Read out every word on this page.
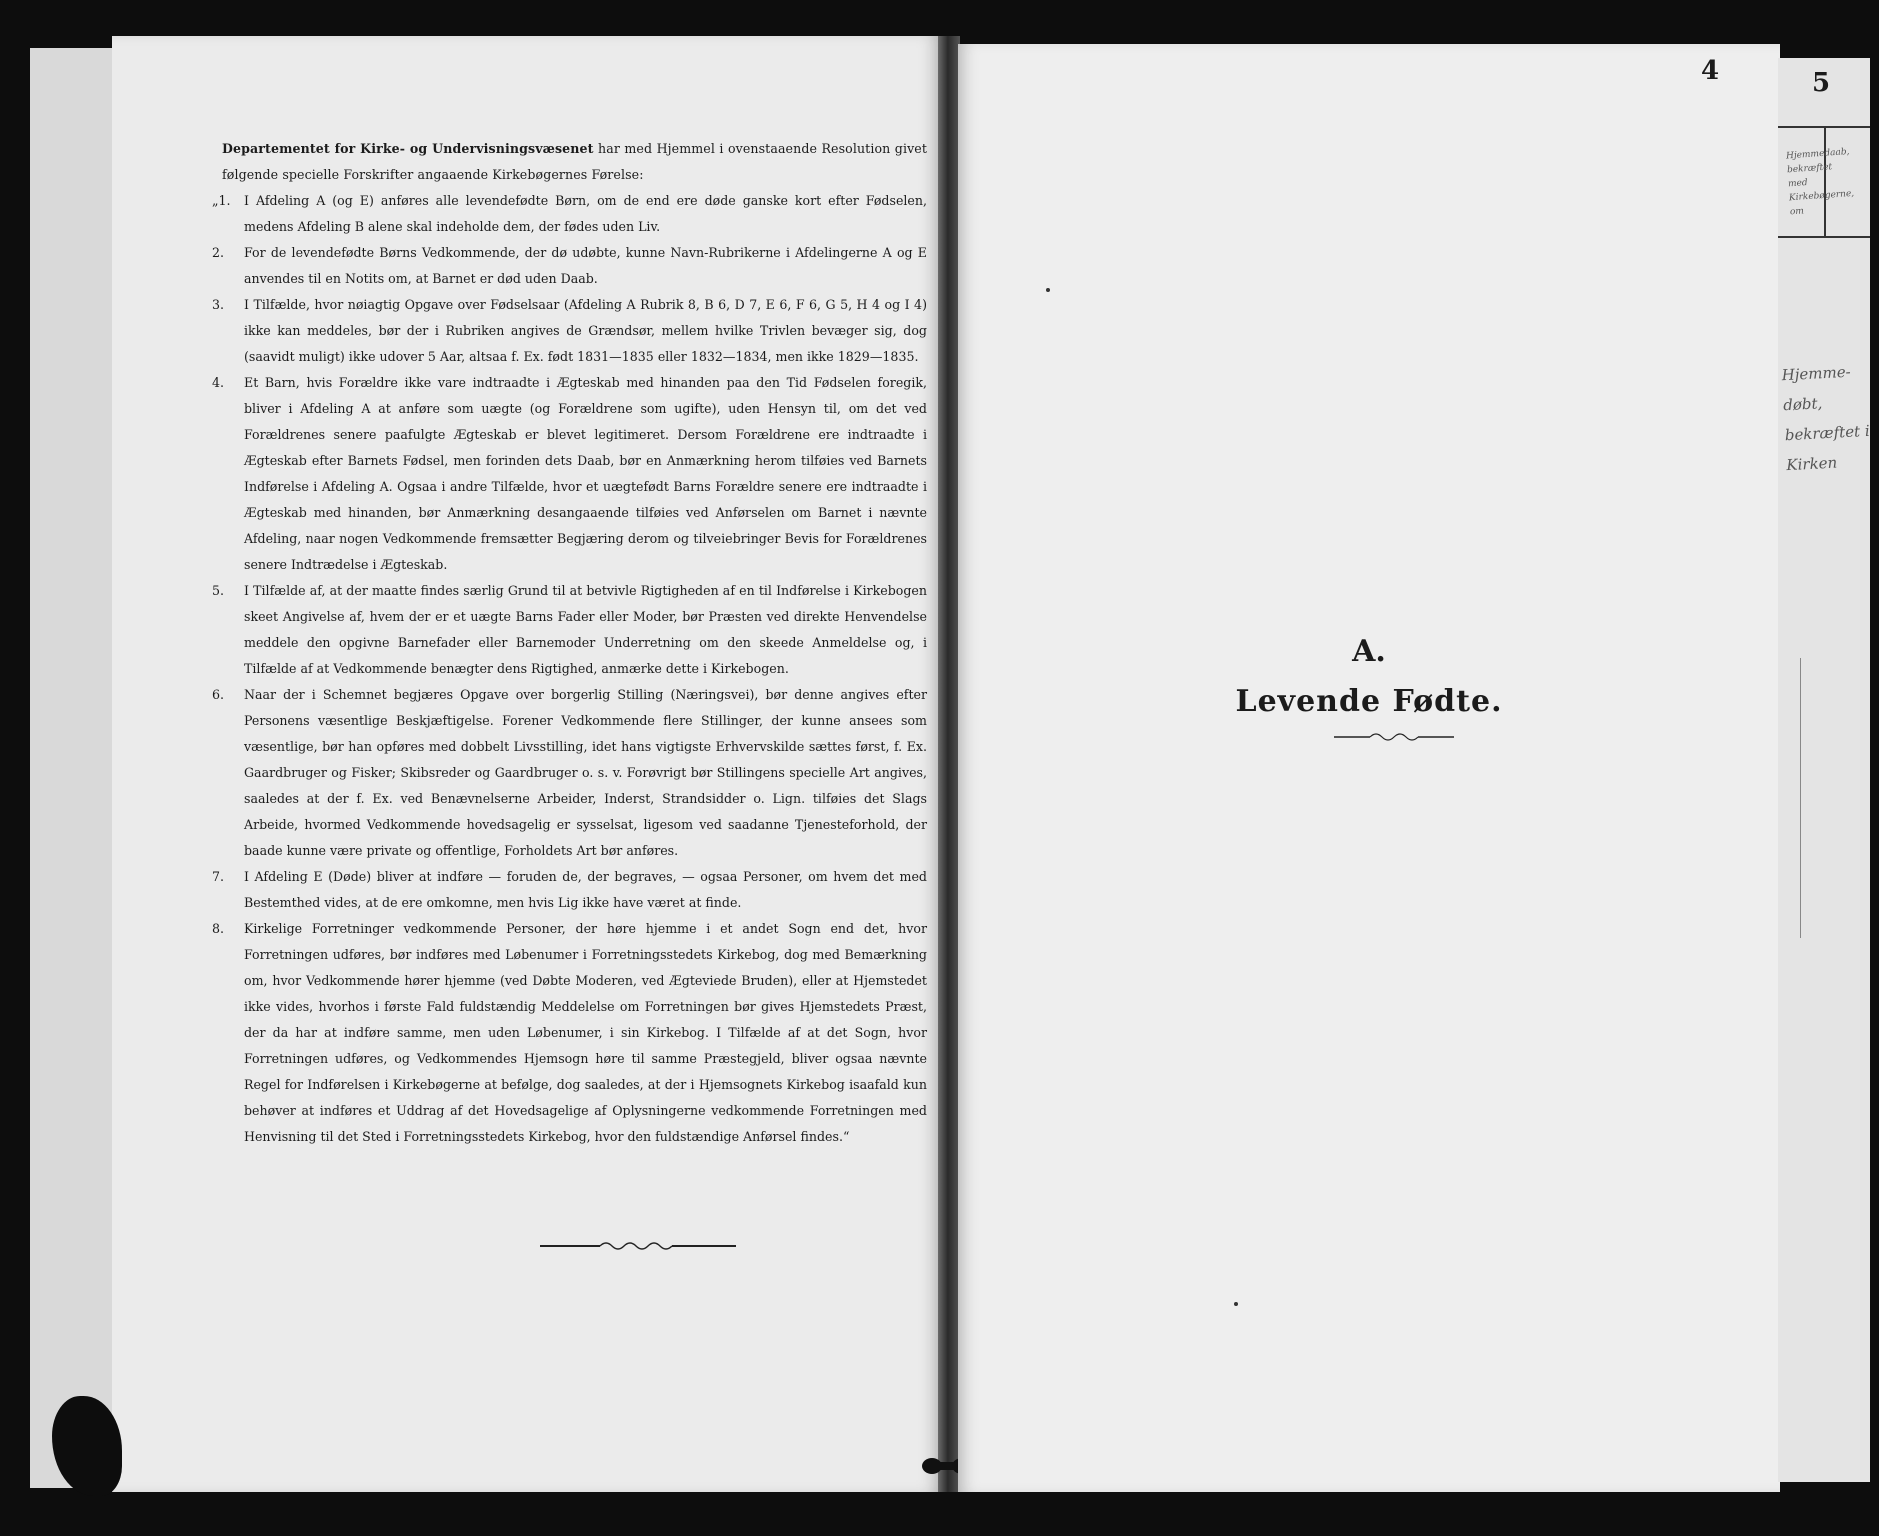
Departementet for Kirke- og Undervisningsvæsenet har med Hjemmel i ovenstaaende Resolution givet følgende specielle Forskrifter angaaende Kirkebøgernes Førelse:

„1. I Afdeling A (og E) anføres alle levendefødte Børn, om de end ere døde ganske kort efter Fødselen, medens Afdeling B alene skal indeholde dem, der fødes uden Liv.
2. For de levendefødte Børns Vedkommende, der dø udøbte, kunne Navn-Rubrikerne i Afdelingerne A og E anvendes til en Notits om, at Barnet er død uden Daab.
3. I Tilfælde, hvor nøiagtig Opgave over Fødselsaar (Afdeling A Rubrik 8, B 6, D 7, E 6, F 6, G 5, H 4 og I 4) ikke kan meddeles, bør der i Rubriken angives de Grændsør, mellem hvilke Trivlen bevæger sig, dog (saavidt muligt) ikke udover 5 Aar, altsaa f. Ex. født 1831—1835 eller 1832—1834, men ikke 1829—1835.
4. Et Barn, hvis Forældre ikke vare indtraadte i Ægteskab med hinanden paa den Tid Fødselen foregik, bliver i Afdeling A at anføre som uægte (og Forældrene som ugifte), uden Hensyn til, om det ved Forældrenes senere paafulgte Ægteskab er blevet legitimeret. Dersom Forældrene ere indtraadte i Ægteskab efter Barnets Fødsel, men forinden dets Daab, bør en Anmærkning herom tilføies ved Barnets Indførelse i Afdeling A. Ogsaa i andre Tilfælde, hvor et uægtefødt Barns Forældre senere ere indtraadte i Ægteskab med hinanden, bør Anmærkning desangaaende tilføies ved Anførselen om Barnet i nævnte Afdeling, naar nogen Vedkommende fremsætter Begjæring derom og tilveiebringer Bevis for Forældrenes senere Indtrædelse i Ægteskab.
5. I Tilfælde af, at der maatte findes særlig Grund til at betvivle Rigtigheden af en til Indførelse i Kirkebogen skeet Angivelse af, hvem der er et uægte Barns Fader eller Moder, bør Præsten ved direkte Henvendelse meddele den opgivne Barnefader eller Barnemoder Underretning om den skeede Anmeldelse og, i Tilfælde af at Vedkommende benægter dens Rigtighed, anmærke dette i Kirkebogen.
6. Naar der i Schemnet begjæres Opgave over borgerlig Stilling (Næringsvei), bør denne angives efter Personens væsentlige Beskjæftigelse. Forener Vedkommende flere Stillinger, der kunne ansees som væsentlige, bør han opføres med dobbelt Livsstilling, idet hans vigtigste Erhvervskilde sættes først, f. Ex. Gaardbruger og Fisker; Skibsreder og Gaardbruger o. s. v. Forøvrigt bør Stillingens specielle Art angives, saaledes at der f. Ex. ved Benævnelserne Arbeider, Inderst, Strandsidder o. Lign. tilføies det Slags Arbeide, hvormed Vedkommende hovedsagelig er sysselsat, ligesom ved saadanne Tjenesteforhold, der baade kunne være private og offentlige, Forholdets Art bør anføres.
7. I Afdeling E (Døde) bliver at indføre — foruden de, der begraves, — ogsaa Personer, om hvem det med Bestemthed vides, at de ere omkomne, men hvis Lig ikke have været at finde.
8. Kirkelige Forretninger vedkommende Personer, der høre hjemme i et andet Sogn end det, hvor Forretningen udføres, bør indføres med Løbenumer i Forretningsstedets Kirkebog, dog med Bemærkning om, hvor Vedkommende hører hjemme (ved Døbte Moderen, ved Ægteviede Bruden), eller at Hjemstedet ikke vides, hvorhos i første Fald fuldstændig Meddelelse om Forretningen bør gives Hjemstedets Præst, der da har at indføre samme, men uden Løbenumer, i sin Kirkebog. I Tilfælde af at det Sogn, hvor Forretningen udføres, og Vedkommendes Hjemsogn høre til samme Præstegjeld, bliver ogsaa nævnte Regel for Indførelsen i Kirkebøgerne at befølge, dog saaledes, at der i Hjemsognets Kirkebog isaafald kun behøver at indføres et Uddrag af det Hovedsagelige af Oplysningerne vedkommende Forretningen med Henvisning til det Sted i Forretningsstedets Kirkebog, hvor den fuldstændige Anførsel findes.“
4
A.
Levende Fødte.
5
Hjemmedaab, bekræftet med Kirkebøgerne, om
Hjemme-døbt, bekræftet i Kirken
